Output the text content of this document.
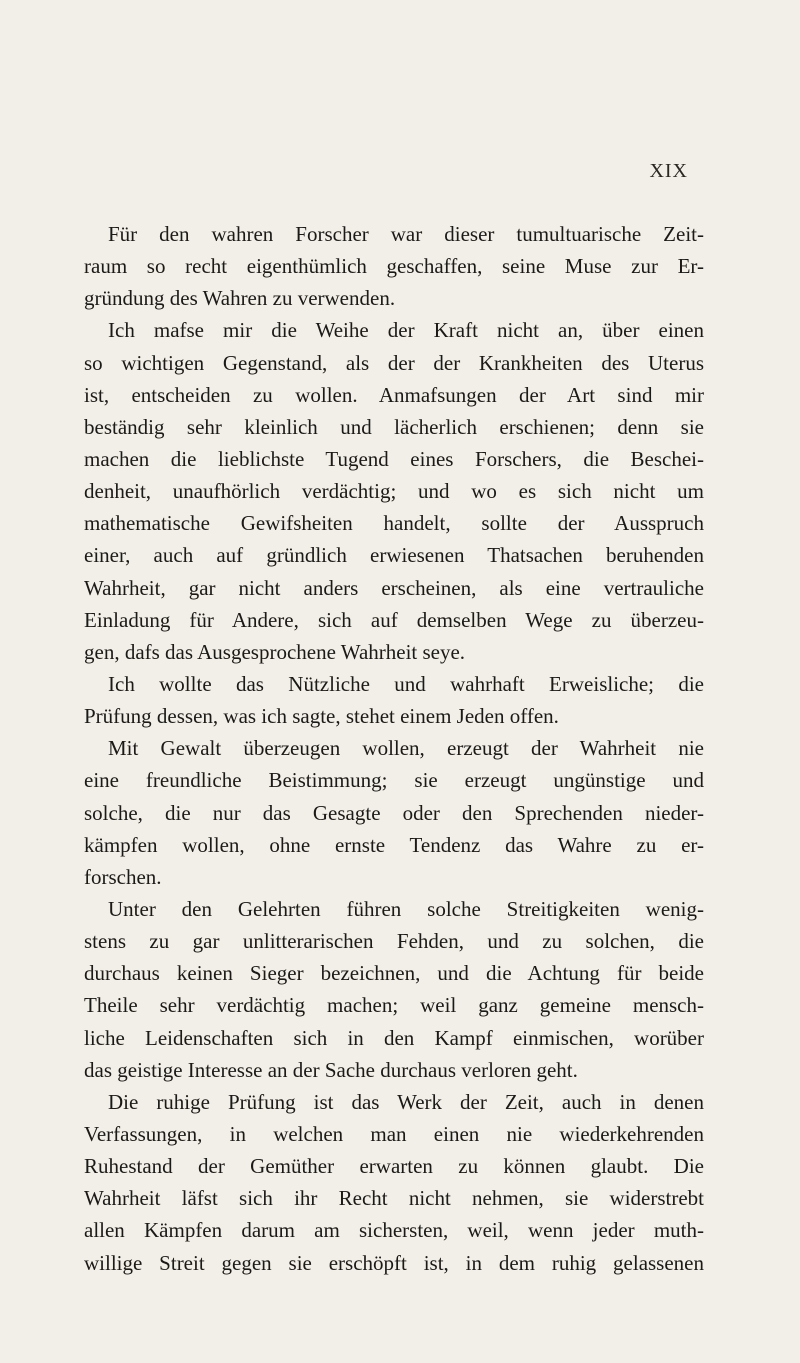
XIX
Für den wahren Forscher war dieser tumultuarische Zeit-
raum so recht eigenthümlich geschaffen, seine Muse zur Er-
gründung des Wahren zu verwenden.
Ich mafse mir die Weihe der Kraft nicht an, über einen
so wichtigen Gegenstand, als der der Krankheiten des Uterus
ist, entscheiden zu wollen. Anmafsungen der Art sind mir
beständig sehr kleinlich und lächerlich erschienen; denn sie
machen die lieblichste Tugend eines Forschers, die Beschei-
denheit, unaufhörlich verdächtig; und wo es sich nicht um
mathematische Gewifsheiten handelt, sollte der Ausspruch
einer, auch auf gründlich erwiesenen Thatsachen beruhenden
Wahrheit, gar nicht anders erscheinen, als eine vertrauliche
Einladung für Andere, sich auf demselben Wege zu überzeu-
gen, dafs das Ausgesprochene Wahrheit seye.
Ich wollte das Nützliche und wahrhaft Erweisliche; die
Prüfung dessen, was ich sagte, stehet einem Jeden offen.
Mit Gewalt überzeugen wollen, erzeugt der Wahrheit nie
eine freundliche Beistimmung; sie erzeugt ungünstige und
solche, die nur das Gesagte oder den Sprechenden nieder-
kämpfen wollen, ohne ernste Tendenz das Wahre zu er-
forschen.
Unter den Gelehrten führen solche Streitigkeiten wenig-
stens zu gar unlitterarischen Fehden, und zu solchen, die
durchaus keinen Sieger bezeichnen, und die Achtung für beide
Theile sehr verdächtig machen; weil ganz gemeine mensch-
liche Leidenschaften sich in den Kampf einmischen, worüber
das geistige Interesse an der Sache durchaus verloren geht.
Die ruhige Prüfung ist das Werk der Zeit, auch in denen
Verfassungen, in welchen man einen nie wiederkehrenden
Ruhestand der Gemüther erwarten zu können glaubt. Die
Wahrheit läfst sich ihr Recht nicht nehmen, sie widerstrebt
allen Kämpfen darum am sichersten, weil, wenn jeder muth-
willige Streit gegen sie erschöpft ist, in dem ruhig gelassenen
